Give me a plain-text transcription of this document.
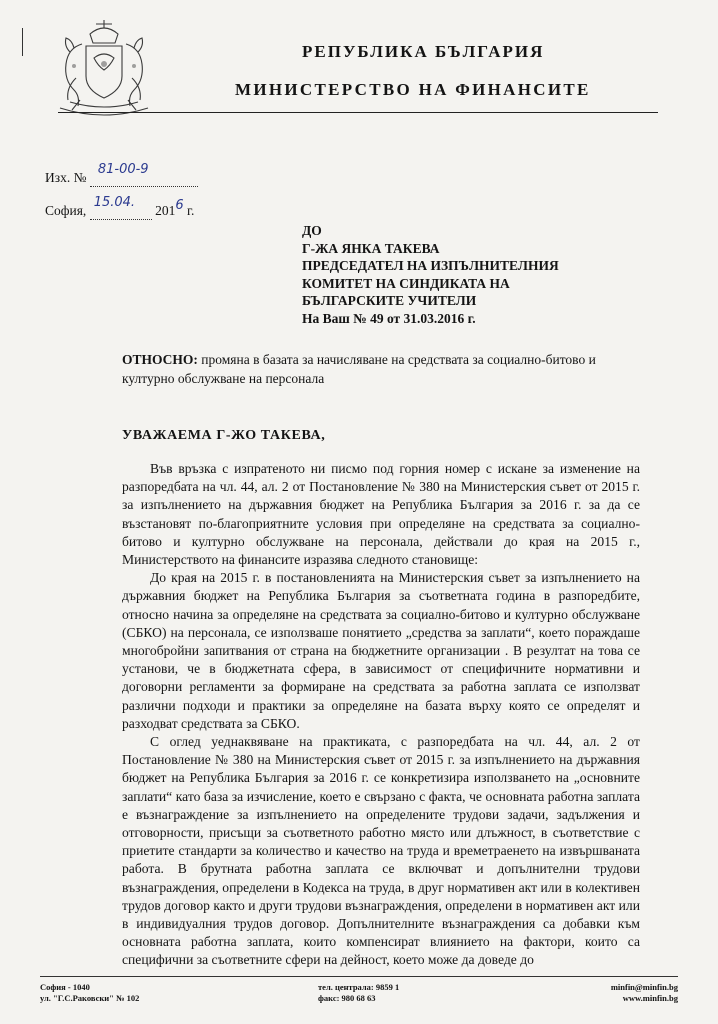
РЕПУБЛИКА БЪЛГАРИЯ
МИНИСТЕРСТВО НА ФИНАНСИТЕ
Изх. №
81-00-9

София,
15.04.
2016 г.
ДО
Г-ЖА ЯНКА ТАКЕВА
ПРЕДСЕДАТЕЛ НА ИЗПЪЛНИТЕЛНИЯ
КОМИТЕТ НА СИНДИКАТА НА
БЪЛГАРСКИТЕ УЧИТЕЛИ
На Ваш № 49 от 31.03.2016 г.
ОТНОСНО: промяна в базата за начисляване на средствата за социално-битово и културно обслужване на персонала
УВАЖАЕМА Г-ЖО ТАКЕВА,

Във връзка с изпратеното ни писмо под горния номер с искане за изменение на разпоредбата на чл. 44, ал. 2 от Постановление № 380 на Министерския съвет от 2015 г. за изпълнението на държавния бюджет на Република България за 2016 г. за да се възстановят по-благоприятните условия при определяне на средствата за социално-битово и културно обслужване на персонала, действали до края на 2015 г., Министерството на финансите изразява следното становище:

До края на 2015 г. в постановленията на Министерския съвет за изпълнението на държавния бюджет на Република България за съответната година в разпоредбите, относно начина за определяне на средствата за социално-битово и културно обслужване (СБКО) на персонала, се използваше понятието „средства за заплати“, което пораждаше многобройни запитвания от страна на бюджетните организации . В резултат на това се установи, че в бюджетната сфера, в зависимост от специфичните нормативни и договорни регламенти за формиране на средствата за работна заплата се използват различни подходи и практики за определяне на базата върху която се определят и разходват средствата за СБКО.

С оглед уеднаквяване на практиката, с разпоредбата на чл. 44, ал. 2 от Постановление № 380 на Министерския съвет от 2015 г. за изпълнението на държавния бюджет на Република България за 2016 г. се конкретизира използването на „основните заплати“ като база за изчисление, което е свързано с факта, че основната работна заплата е възнаграждение за изпълнението на определените трудови задачи, задължения и отговорности, присъщи за съответното работно място или длъжност, в съответствие с приетите стандарти за количество и качество на труда и времетраенето на извършваната работа. В брутната работна заплата се включват и допълнителни трудови възнаграждения, определени в Кодекса на труда, в друг нормативен акт или в колективен трудов договор както и други трудови възнаграждения, определени в нормативен акт или в индивидуалния трудов договор. Допълнителните възнаграждения са добавки към основната работна заплата, които компенсират влиянието на фактори, които са специфични за съответните сфери на дейност, което може да доведе до

София - 1040
ул. "Г.С.Раковски" № 102
тел. централа: 9859 1
факс: 980 68 63
minfin@minfin.bg
www.minfin.bg
